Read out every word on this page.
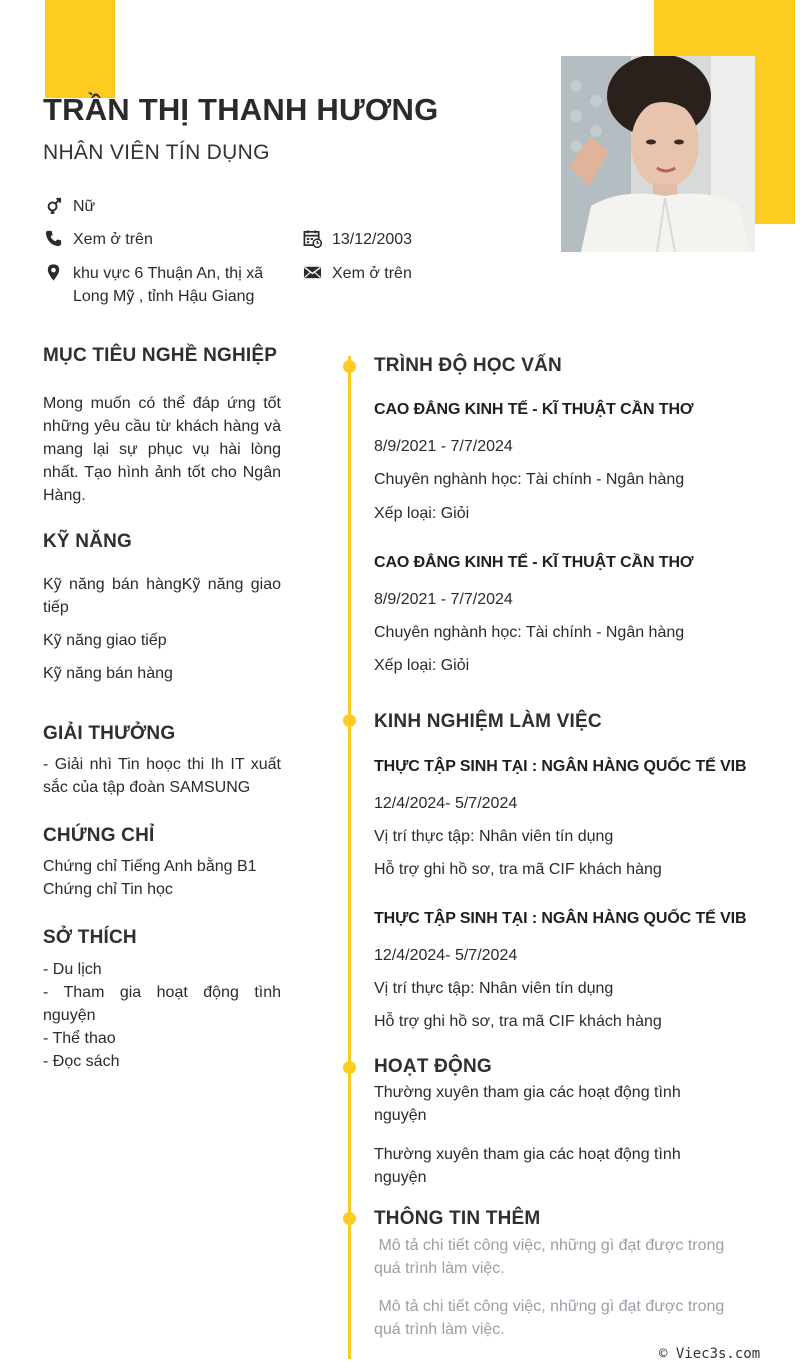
TRẦN THỊ THANH HƯƠNG
NHÂN VIÊN TÍN DỤNG
Nữ
Xem ở trên	13/12/2003
khu vực 6 Thuận An, thị xã
Long Mỹ , tỉnh Hậu Giang
Xem ở trên
MỤC TIÊU NGHỀ NGHIỆP
Mong muốn có thể đáp ứng tốt những yêu cầu từ khách hàng và mang lại sự phục vụ hài lòng nhất. Tạo hình ảnh tốt cho Ngân Hàng.
KỸ NĂNG
Kỹ năng bán hàngKỹ năng giao tiếp
Kỹ năng giao tiếp
Kỹ năng bán hàng
GIẢI THƯỞNG
- Giải nhì Tin hoọc thi Ih IT xuất sắc của tập đoàn SAMSUNG
CHỨNG CHỈ
Chứng chỉ Tiếng Anh bằng B1
Chứng chỉ Tin học
SỞ THÍCH
- Du lịch
- Tham gia hoạt động tình nguyện
- Thể thao
- Đọc sách
TRÌNH ĐỘ HỌC VẤN
CAO ĐẲNG KINH TẾ - KĨ THUẬT CẦN THƠ
8/9/2021 - 7/7/2024
Chuyên nghành học: Tài chính - Ngân hàng
Xếp loại: Giỏi
CAO ĐẲNG KINH TẾ - KĨ THUẬT CẦN THƠ
8/9/2021 - 7/7/2024
Chuyên nghành học: Tài chính - Ngân hàng
Xếp loại: Giỏi
KINH NGHIỆM LÀM VIỆC
THỰC TẬP SINH TẠI : NGÂN HÀNG QUỐC TẾ VIB
12/4/2024- 5/7/2024
Vị trí thực tập: Nhân viên tín dụng
Hỗ trợ ghi hồ sơ, tra mã CIF khách hàng
THỰC TẬP SINH TẠI : NGÂN HÀNG QUỐC TẾ VIB
12/4/2024- 5/7/2024
Vị trí thực tập: Nhân viên tín dụng
Hỗ trợ ghi hồ sơ, tra mã CIF khách hàng
HOẠT ĐỘNG
Thường xuyên tham gia các hoạt động tình nguyện
Thường xuyên tham gia các hoạt động tình nguyện
THÔNG TIN THÊM
Mô tả chi tiết công việc, những gì đạt được trong quá trình làm việc.
Mô tả chi tiết công việc, những gì đạt được trong quá trình làm việc.
© Viec3s.com
